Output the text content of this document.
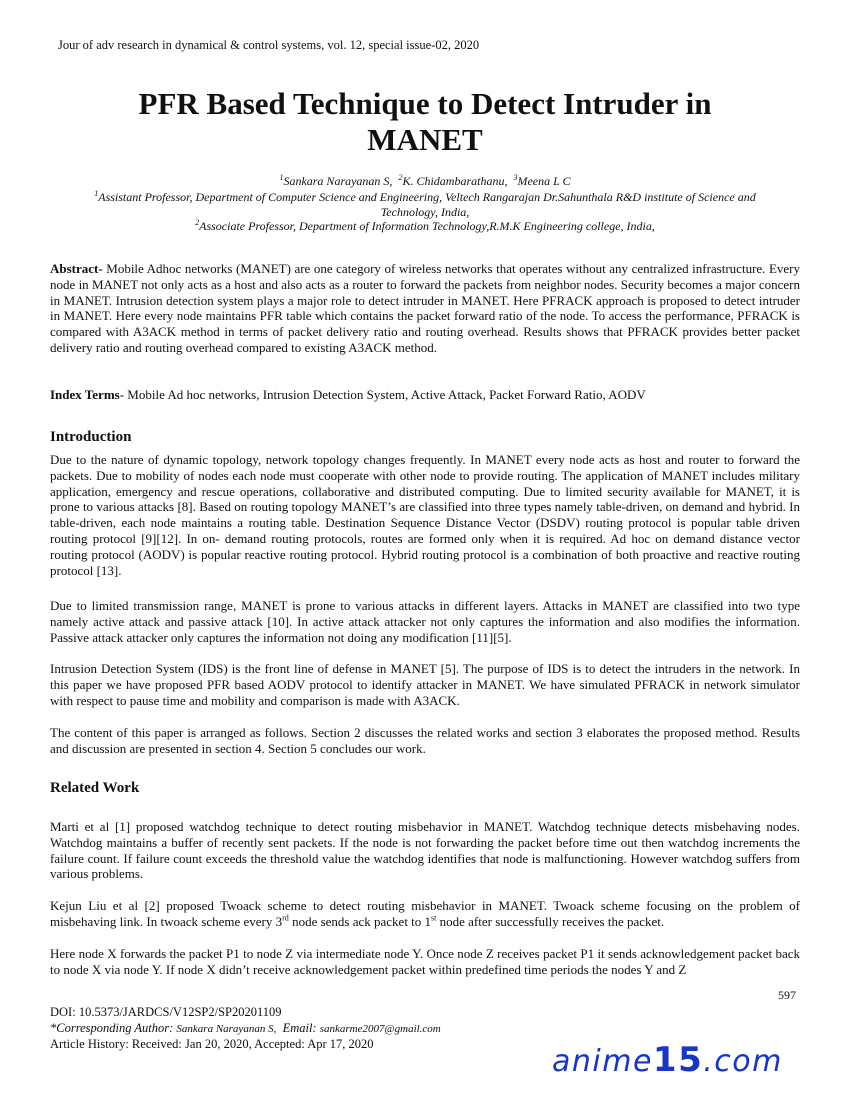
Jour of adv research in dynamical & control systems, vol. 12, special issue-02, 2020
PFR Based Technique to Detect Intruder in
MANET
$^1$Sankara Narayanan S, $^2$K. Chidambarathanu, $^3$Meena L C
$^1$Assistant Professor, Department of Computer Science and Engineering, Veltech Rangarajan Dr.Sahunthala R&D institute of Science and
Technology, India,
$^2$Associate Professor, Department of Information Technology,R.M.K Engineering college, India,
Abstract- Mobile Adhoc networks (MANET) are one category of wireless networks that operates without any centralized infrastructure. Every node in MANET not only acts as a host and also acts as a router to forward the packets from neighbor nodes. Security becomes a major concern in MANET. Intrusion detection system plays a major role to detect intruder in MANET. Here PFRACK approach is proposed to detect intruder in MANET. Here every node maintains PFR table which contains the packet forward ratio of the node. To access the performance, PFRACK is compared with A3ACK method in terms of packet delivery ratio and routing overhead. Results shows that PFRACK provides better packet delivery ratio and routing overhead compared to existing A3ACK method.
Index Terms- Mobile Ad hoc networks, Intrusion Detection System, Active Attack, Packet Forward Ratio, AODV
Introduction
Due to the nature of dynamic topology, network topology changes frequently. In MANET every node acts as host and router to forward the packets. Due to mobility of nodes each node must cooperate with other node to provide routing. The application of MANET includes military application, emergency and rescue operations, collaborative and distributed computing. Due to limited security available for MANET, it is prone to various attacks [8]. Based on routing topology MANET’s are classified into three types namely table-driven, on demand and hybrid. In table-driven, each node maintains a routing table. Destination Sequence Distance Vector (DSDV) routing protocol is popular table driven routing protocol [9][12]. In on- demand routing protocols, routes are formed only when it is required. Ad hoc on demand distance vector routing protocol (AODV) is popular reactive routing protocol. Hybrid routing protocol is a combination of both proactive and reactive routing protocol [13].
Due to limited transmission range, MANET is prone to various attacks in different layers. Attacks in MANET are classified into two type namely active attack and passive attack [10]. In active attack attacker not only captures the information and also modifies the information. Passive attack attacker only captures the information not doing any modification [11][5].
Intrusion Detection System (IDS) is the front line of defense in MANET [5]. The purpose of IDS is to detect the intruders in the network. In this paper we have proposed PFR based AODV protocol to identify attacker in MANET. We have simulated PFRACK in network simulator with respect to pause time and mobility and comparison is made with A3ACK.
The content of this paper is arranged as follows. Section 2 discusses the related works and section 3 elaborates the proposed method. Results and discussion are presented in section 4. Section 5 concludes our work.
Related Work
Marti et al [1] proposed watchdog technique to detect routing misbehavior in MANET. Watchdog technique detects misbehaving nodes. Watchdog maintains a buffer of recently sent packets. If the node is not forwarding the packet before time out then watchdog increments the failure count. If failure count exceeds the threshold value the watchdog identifies that node is malfunctioning. However watchdog suffers from various problems.
Kejun Liu et al [2] proposed Twoack scheme to detect routing misbehavior in MANET. Twoack scheme focusing on the problem of misbehaving link. In twoack scheme every 3rd node sends ack packet to 1st node after successfully receives the packet.
Here node X forwards the packet P1 to node Z via intermediate node Y. Once node Z receives packet P1 it sends acknowledgement packet back to node X via node Y. If node X didn’t receive acknowledgement packet within predefined time periods the nodes Y and Z
597
DOI: 10.5373/JARDCS/V12SP2/SP20201109
*Corresponding Author: Sankara Narayanan S, Email: sankarme2007@gmail.com
Article History: Received: Jan 20, 2020, Accepted: Apr 17, 2020	anime15.com
